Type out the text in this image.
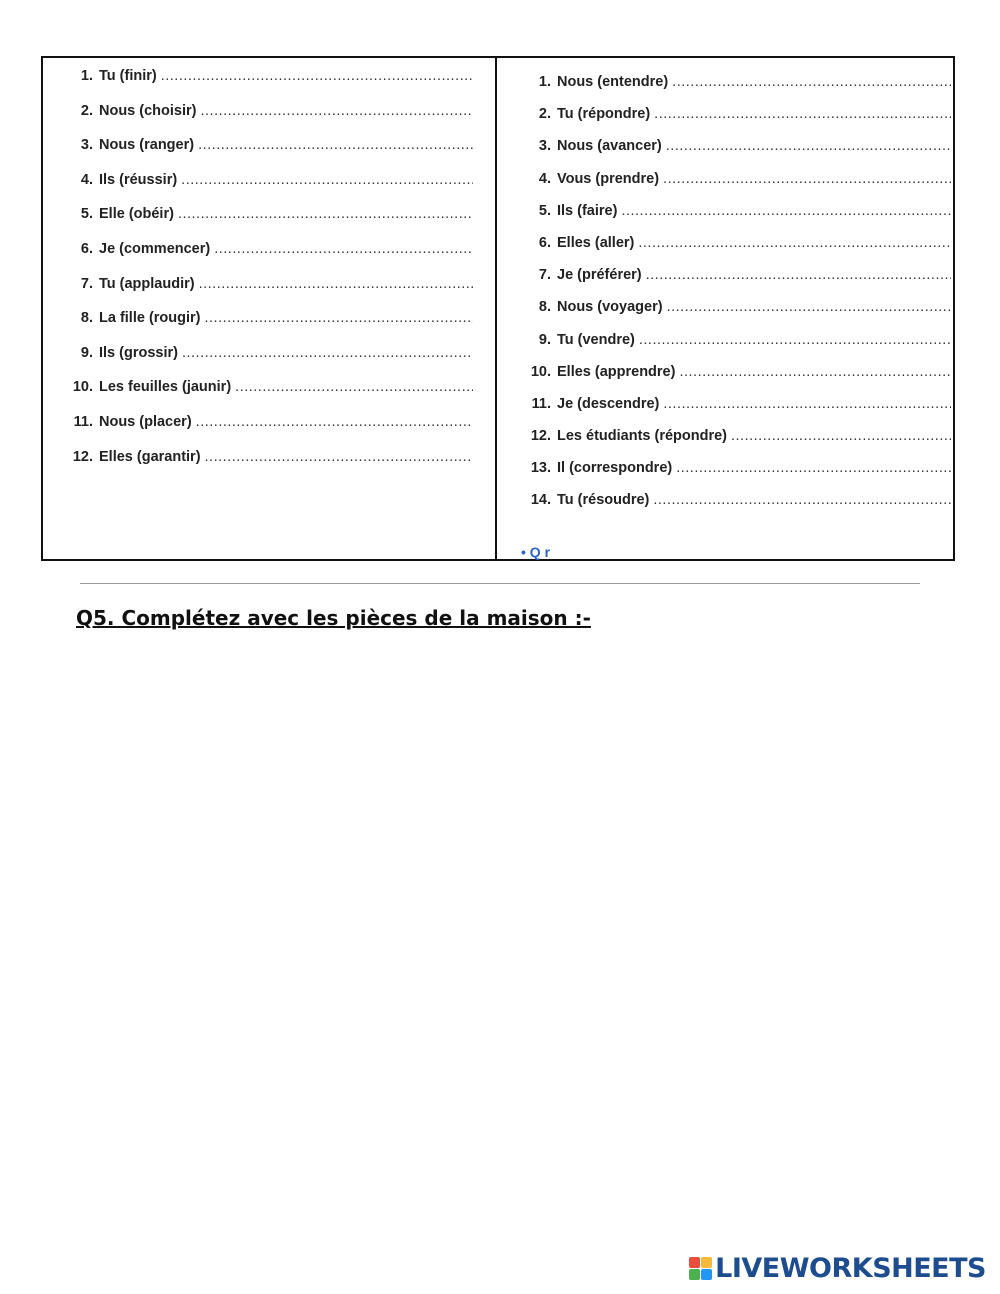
1. Tu (finir)
.....
2. Nous (choisir)
.....
3. Nous (ranger)
.....
4. Ils (réussir)
.....
5. Elle (obéir)
.....
6. Je (commencer)
.....
7. Tu (applaudir)
.....
8. La fille (rougir)
.....
9. Ils (grossir)
.....
10. Les feuilles (jaunir)
.....
11. Nous (placer)
.....
12. Elles (garantir)
.....
1. Nous (entendre)
.....
2. Tu (répondre)
.....
3. Nous (avancer)
.....
4. Vous (prendre)
.....
5. Ils (faire)
.....
6. Elles (aller)
.....
7. Je (préférer)
.....
8. Nous (voyager)
.....
9. Tu (vendre)
.....
10. Elles (apprendre)
.....
11. Je (descendre)
.....
12. Les étudiants (répondre)
.....
13. Il (correspondre)
.....
14. Tu (résoudre)
.....
• Q r
Q5. Complétez avec les pièces de la maison :-
LIVEWORKSHEETS
